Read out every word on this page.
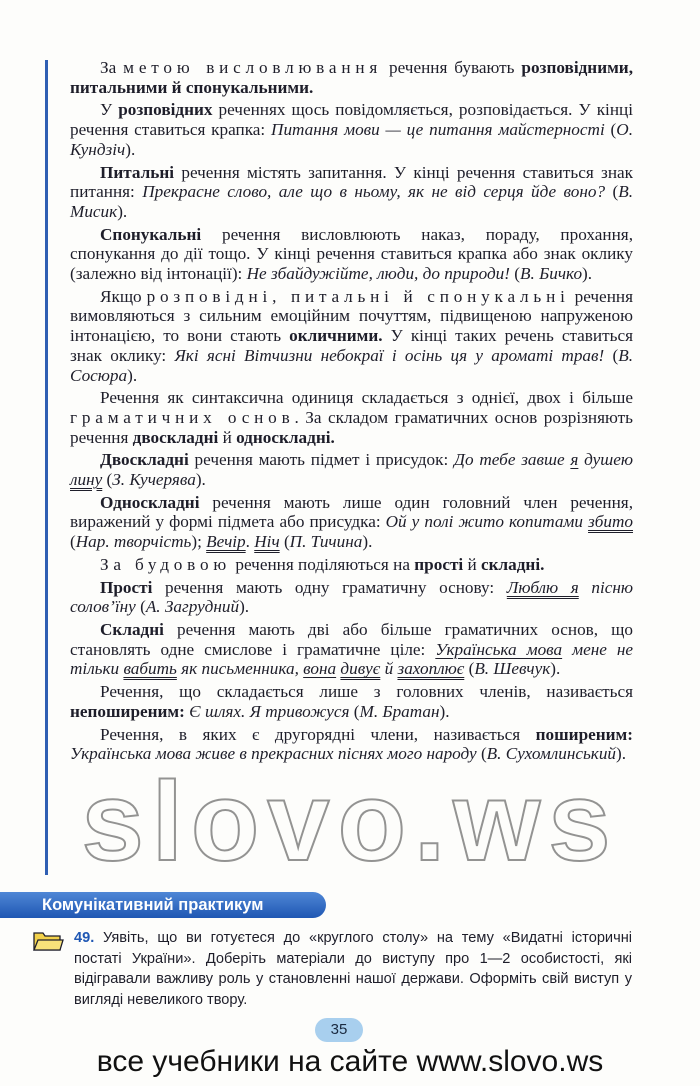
За метою висловлювання речення бувають розповідними, питальними й спонукальними.

У розповідних реченнях щось повідомляється, розповідається. У кінці речення ставиться крапка: Питання мови — це питання майстерності (О. Кундзіч).

Питальні речення містять запитання. У кінці речення ставиться знак питання: Прекрасне слово, але що в ньому, як не від серця йде воно? (В. Мисик).

Спонукальні речення висловлюють наказ, пораду, прохання, спонукання до дії тощо. У кінці речення ставиться крапка або знак оклику (залежно від інтонації): Не збайдужійте, люди, до природи! (В. Бичко).

Якщо розповідні, питальні й спонукальні речення вимовляються з сильним емоційним почуттям, підвищеною напруженою інтонацією, то вони стають окличними. У кінці таких речень ставиться знак оклику: Які ясні Вітчизни небокраї і осінь ця у ароматі трав! (В. Сосюра).

Речення як синтаксична одиниця складається з однієї, двох і більше граматичних основ. За складом граматичних основ розрізняють речення двоскладні й односкладні.

Двоскладні речення мають підмет і присудок: До тебе завше я душею лину (З. Кучерява).

Односкладні речення мають лише один головний член речення, виражений у формі підмета або присудка: Ой у полі жито копитами збито (Нар. творчість); Вечір. Ніч (П. Тичина).

За будовою речення поділяються на прості й складні.

Прості речення мають одну граматичну основу: Люблю я пісню солов’їну (А. Загрудний).

Складні речення мають дві або більше граматичних основ, що становлять одне смислове і граматичне ціле: Українська мова мене не тільки вабить як письменника, вона дивує й захоплює (В. Шевчук).

Речення, що складається лише з головних членів, називається непоширеним: Є шлях. Я тривожуся (М. Братан).

Речення, в яких є другорядні члени, називається поширеним: Українська мова живе в прекрасних піснях мого народу (В. Сухомлинський).

Комунікативний практикум
49. Уявіть, що ви готуєтеся до «круглого столу» на тему «Видатні історичні постаті України». Доберіть матеріали до виступу про 1—2 особистості, які відігравали важливу роль у становленні нашої держави. Оформіть свій виступ у вигляді невеликого твору.
35
slovo.ws
все учебники на сайте www.slovo.ws
